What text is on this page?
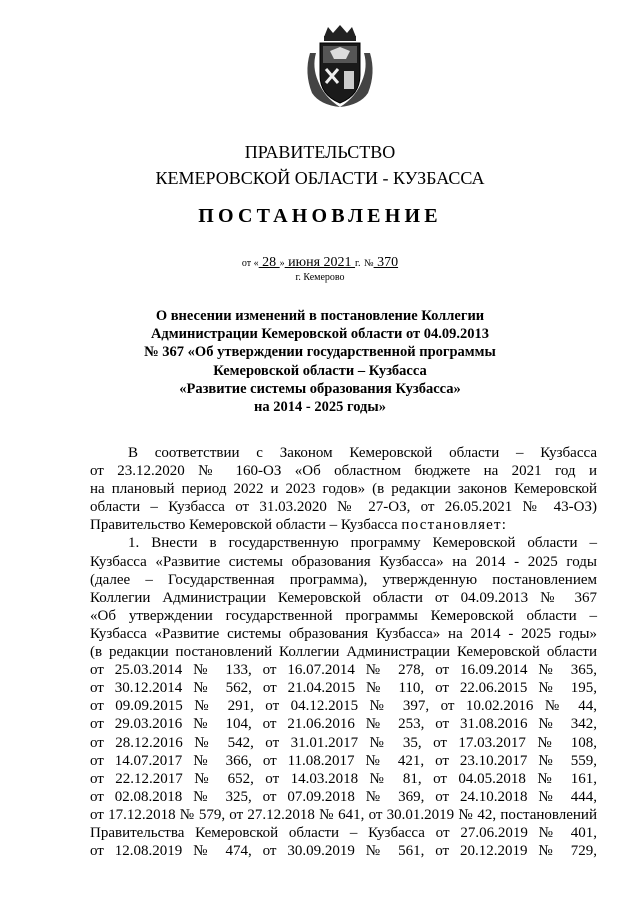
ПРАВИТЕЛЬСТВО
КЕМЕРОВСКОЙ ОБЛАСТИ - КУЗБАССА
ПОСТАНОВЛЕНИЕ
от « 28 » июня 2021 г. № 370
г. Кемерово
О внесении изменений в постановление Коллегии
Администрации Кемеровской области от 04.09.2013
№ 367 «Об утверждении государственной программы
Кемеровской области – Кузбасса
«Развитие системы образования Кузбасса»
на 2014 - 2025 годы»
В соответствии с Законом Кемеровской области – Кузбасса
от 23.12.2020 № 160-ОЗ «Об областном бюджете на 2021 год и
на плановый период 2022 и 2023 годов» (в редакции законов Кемеровской
области – Кузбасса от 31.03.2020 № 27-ОЗ, от 26.05.2021 № 43-ОЗ)
Правительство Кемеровской области – Кузбасса постановляет:
1. Внести в государственную программу Кемеровской области –
Кузбасса «Развитие системы образования Кузбасса» на 2014 - 2025 годы
(далее – Государственная программа), утвержденную постановлением
Коллегии Администрации Кемеровской области от 04.09.2013 № 367
«Об утверждении государственной программы Кемеровской области –
Кузбасса «Развитие системы образования Кузбасса» на 2014 - 2025 годы»
(в редакции постановлений Коллегии Администрации Кемеровской области
от 25.03.2014 № 133, от 16.07.2014 № 278, от 16.09.2014 № 365,
от 30.12.2014 № 562, от 21.04.2015 № 110, от 22.06.2015 № 195,
от 09.09.2015 № 291, от 04.12.2015 № 397, от 10.02.2016 № 44,
от 29.03.2016 № 104, от 21.06.2016 № 253, от 31.08.2016 № 342,
от 28.12.2016 № 542, от 31.01.2017 № 35, от 17.03.2017 № 108,
от 14.07.2017 № 366, от 11.08.2017 № 421, от 23.10.2017 № 559,
от 22.12.2017 № 652, от 14.03.2018 № 81, от 04.05.2018 № 161,
от 02.08.2018 № 325, от 07.09.2018 № 369, от 24.10.2018 № 444,
от 17.12.2018 № 579, от 27.12.2018 № 641, от 30.01.2019 № 42, постановлений
Правительства Кемеровской области – Кузбасса от 27.06.2019 № 401,
от 12.08.2019 № 474, от 30.09.2019 № 561, от 20.12.2019 № 729,
